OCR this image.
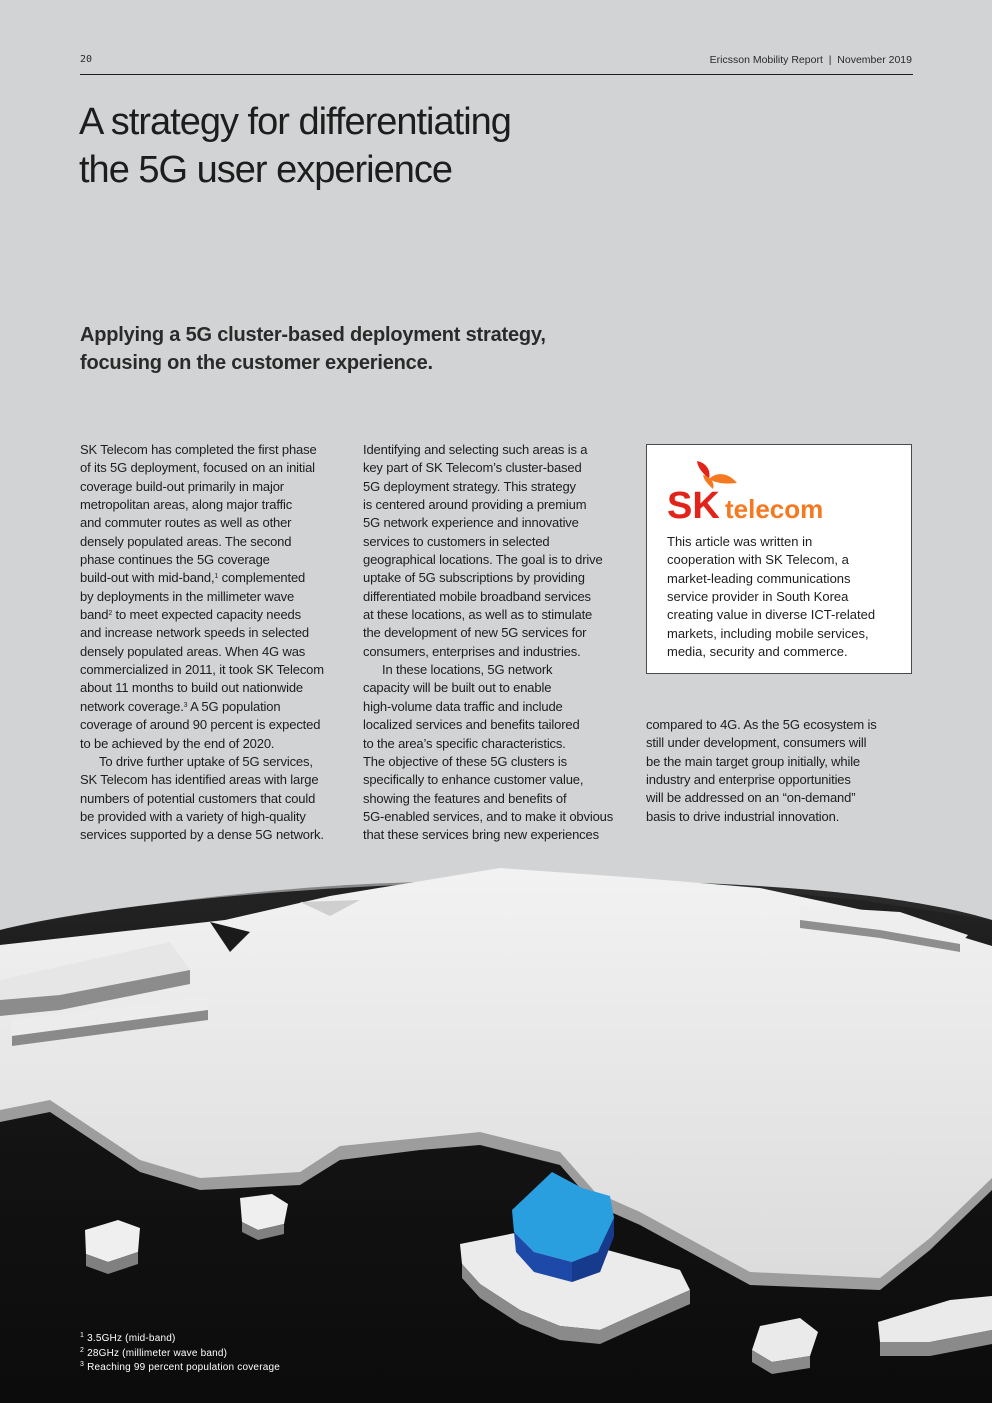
20	Ericsson Mobility Report | November 2019
A strategy for differentiating
the 5G user experience
Applying a 5G cluster-based deployment strategy,
focusing on the customer experience.
SK Telecom has completed the first phase
of its 5G deployment, focused on an initial
coverage build-out primarily in major
metropolitan areas, along major traffic
and commuter routes as well as other
densely populated areas. The second
phase continues the 5G coverage
build-out with mid-band,$^1$ complemented
by deployments in the millimeter wave
band$^2$ to meet expected capacity needs
and increase network speeds in selected
densely populated areas. When 4G was
commercialized in 2011, it took SK Telecom
about 11 months to build out nationwide
network coverage.$^3$ A 5G population
coverage of around 90 percent is expected
to be achieved by the end of 2020.
To drive further uptake of 5G services,
SK Telecom has identified areas with large
numbers of potential customers that could
be provided with a variety of high-quality
services supported by a dense 5G network.
Identifying and selecting such areas is a
key part of SK Telecom’s cluster-based
5G deployment strategy. This strategy
is centered around providing a premium
5G network experience and innovative
services to customers in selected
geographical locations. The goal is to drive
uptake of 5G subscriptions by providing
differentiated mobile broadband services
at these locations, as well as to stimulate
the development of new 5G services for
consumers, enterprises and industries.
In these locations, 5G network
capacity will be built out to enable
high-volume data traffic and include
localized services and benefits tailored
to the area’s specific characteristics.
The objective of these 5G clusters is
specifically to enhance customer value,
showing the features and benefits of
5G-enabled services, and to make it obvious
that these services bring new experiences
SK telecom
This article was written in
cooperation with SK Telecom, a
market-leading communications
service provider in South Korea
creating value in diverse ICT-related
markets, including mobile services,
media, security and commerce.
compared to 4G. As the 5G ecosystem is
still under development, consumers will
be the main target group initially, while
industry and enterprise opportunities
will be addressed on an “on-demand”
basis to drive industrial innovation.
$^1$ 3.5GHz (mid-band)
$^2$ 28GHz (millimeter wave band)
$^3$ Reaching 99 percent population coverage
